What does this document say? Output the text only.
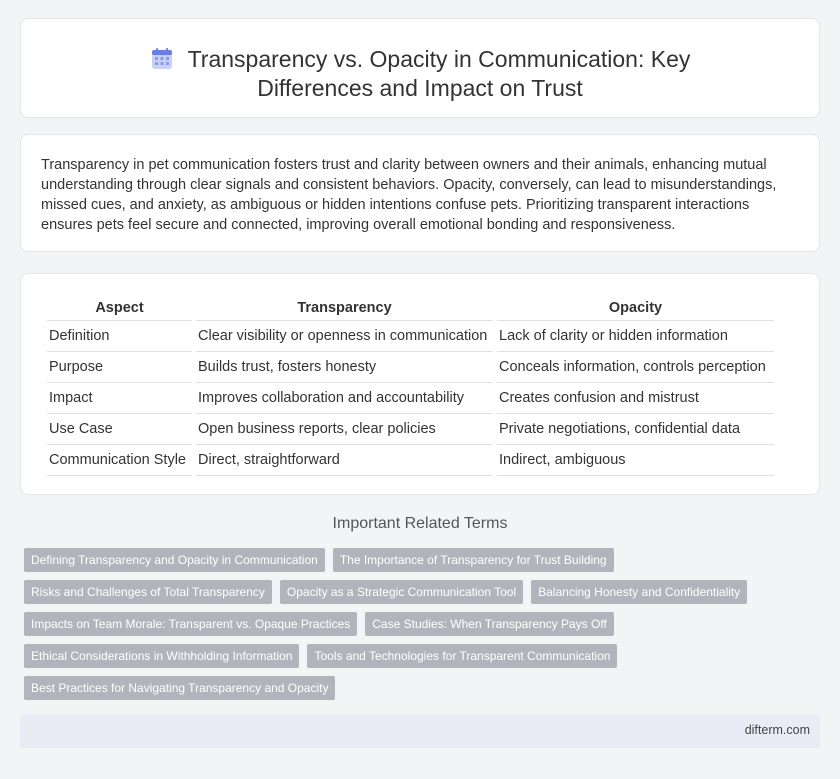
Transparency vs. Opacity in Communication: Key Differences and Impact on Trust

Transparency in pet communication fosters trust and clarity between owners and their animals, enhancing mutual understanding through clear signals and consistent behaviors. Opacity, conversely, can lead to misunderstandings, missed cues, and anxiety, as ambiguous or hidden intentions confuse pets. Prioritizing transparent interactions ensures pets feel secure and connected, improving overall emotional bonding and responsiveness.

Aspect	Transparency	Opacity
Definition	Clear visibility or openness in communication	Lack of clarity or hidden information
Purpose	Builds trust, fosters honesty	Conceals information, controls perception
Impact	Improves collaboration and accountability	Creates confusion and mistrust
Use Case	Open business reports, clear policies	Private negotiations, confidential data
Communication Style	Direct, straightforward	Indirect, ambiguous
Important Related Terms
Defining Transparency and Opacity in Communication	The Importance of Transparency for Trust Building
Risks and Challenges of Total Transparency	Opacity as a Strategic Communication Tool	Balancing Honesty and Confidentiality
Impacts on Team Morale: Transparent vs. Opaque Practices	Case Studies: When Transparency Pays Off
Ethical Considerations in Withholding Information	Tools and Technologies for Transparent Communication
Best Practices for Navigating Transparency and Opacity
difterm.com
